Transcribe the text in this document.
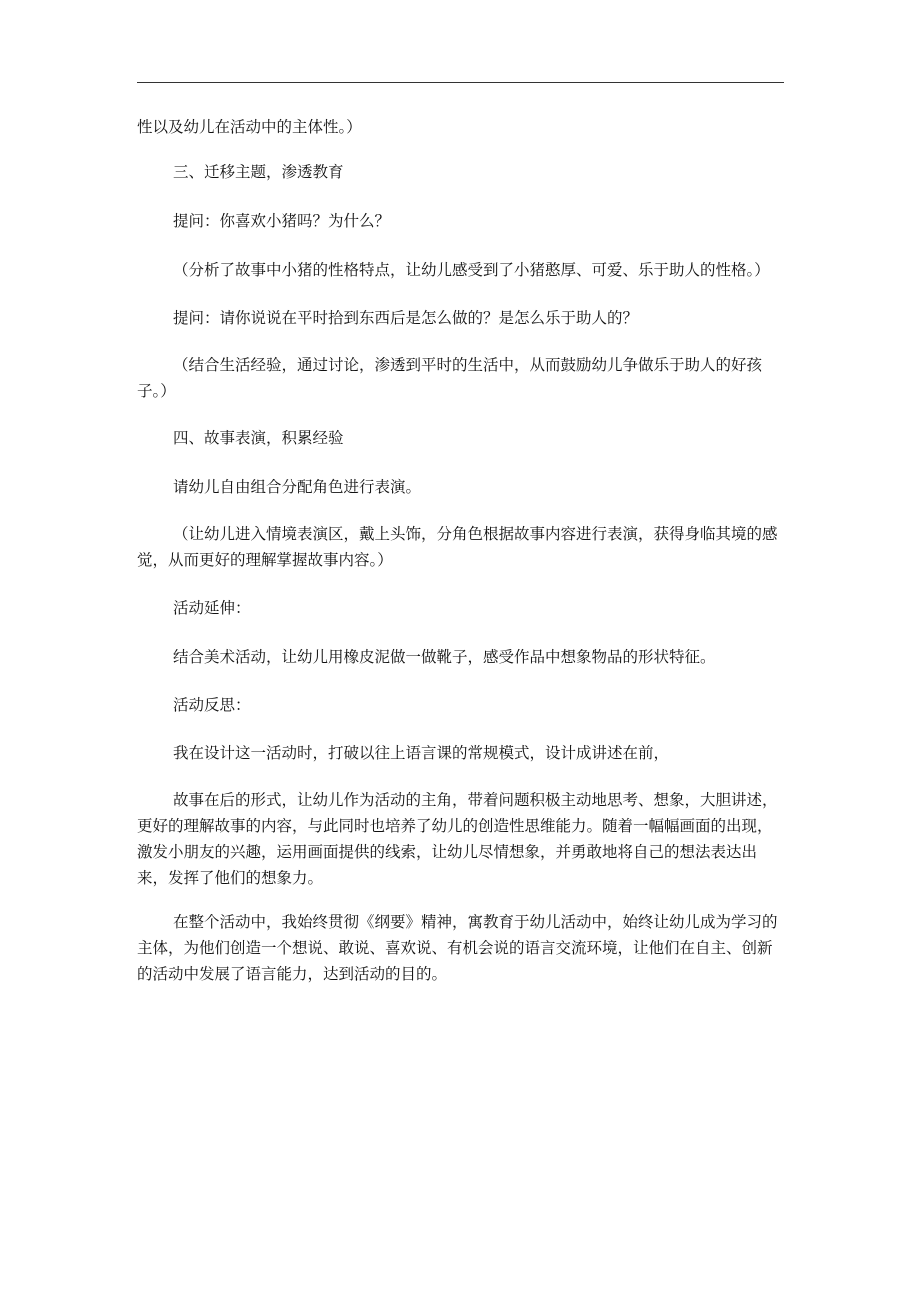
性以及幼儿在活动中的主体性。）
三、迁移主题，渗透教育
提问：你喜欢小猪吗？为什么？
（分析了故事中小猪的性格特点，让幼儿感受到了小猪憨厚、可爱、乐于助人的性格。）
提问：请你说说在平时拾到东西后是怎么做的？是怎么乐于助人的？
（结合生活经验，通过讨论，渗透到平时的生活中，从而鼓励幼儿争做乐于助人的好孩子。）
四、故事表演，积累经验
请幼儿自由组合分配角色进行表演。
（让幼儿进入情境表演区，戴上头饰，分角色根据故事内容进行表演，获得身临其境的感觉，从而更好的理解掌握故事内容。）
活动延伸：
结合美术活动，让幼儿用橡皮泥做一做靴子，感受作品中想象物品的形状特征。
活动反思：
我在设计这一活动时，打破以往上语言课的常规模式，设计成讲述在前，
故事在后的形式，让幼儿作为活动的主角，带着问题积极主动地思考、想象，大胆讲述，更好的理解故事的内容，与此同时也培养了幼儿的创造性思维能力。随着一幅幅画面的出现，激发小朋友的兴趣，运用画面提供的线索，让幼儿尽情想象，并勇敢地将自己的想法表达出来，发挥了他们的想象力。
在整个活动中，我始终贯彻《纲要》精神，寓教育于幼儿活动中，始终让幼儿成为学习的主体，为他们创造一个想说、敢说、喜欢说、有机会说的语言交流环境，让他们在自主、创新的活动中发展了语言能力，达到活动的目的。
